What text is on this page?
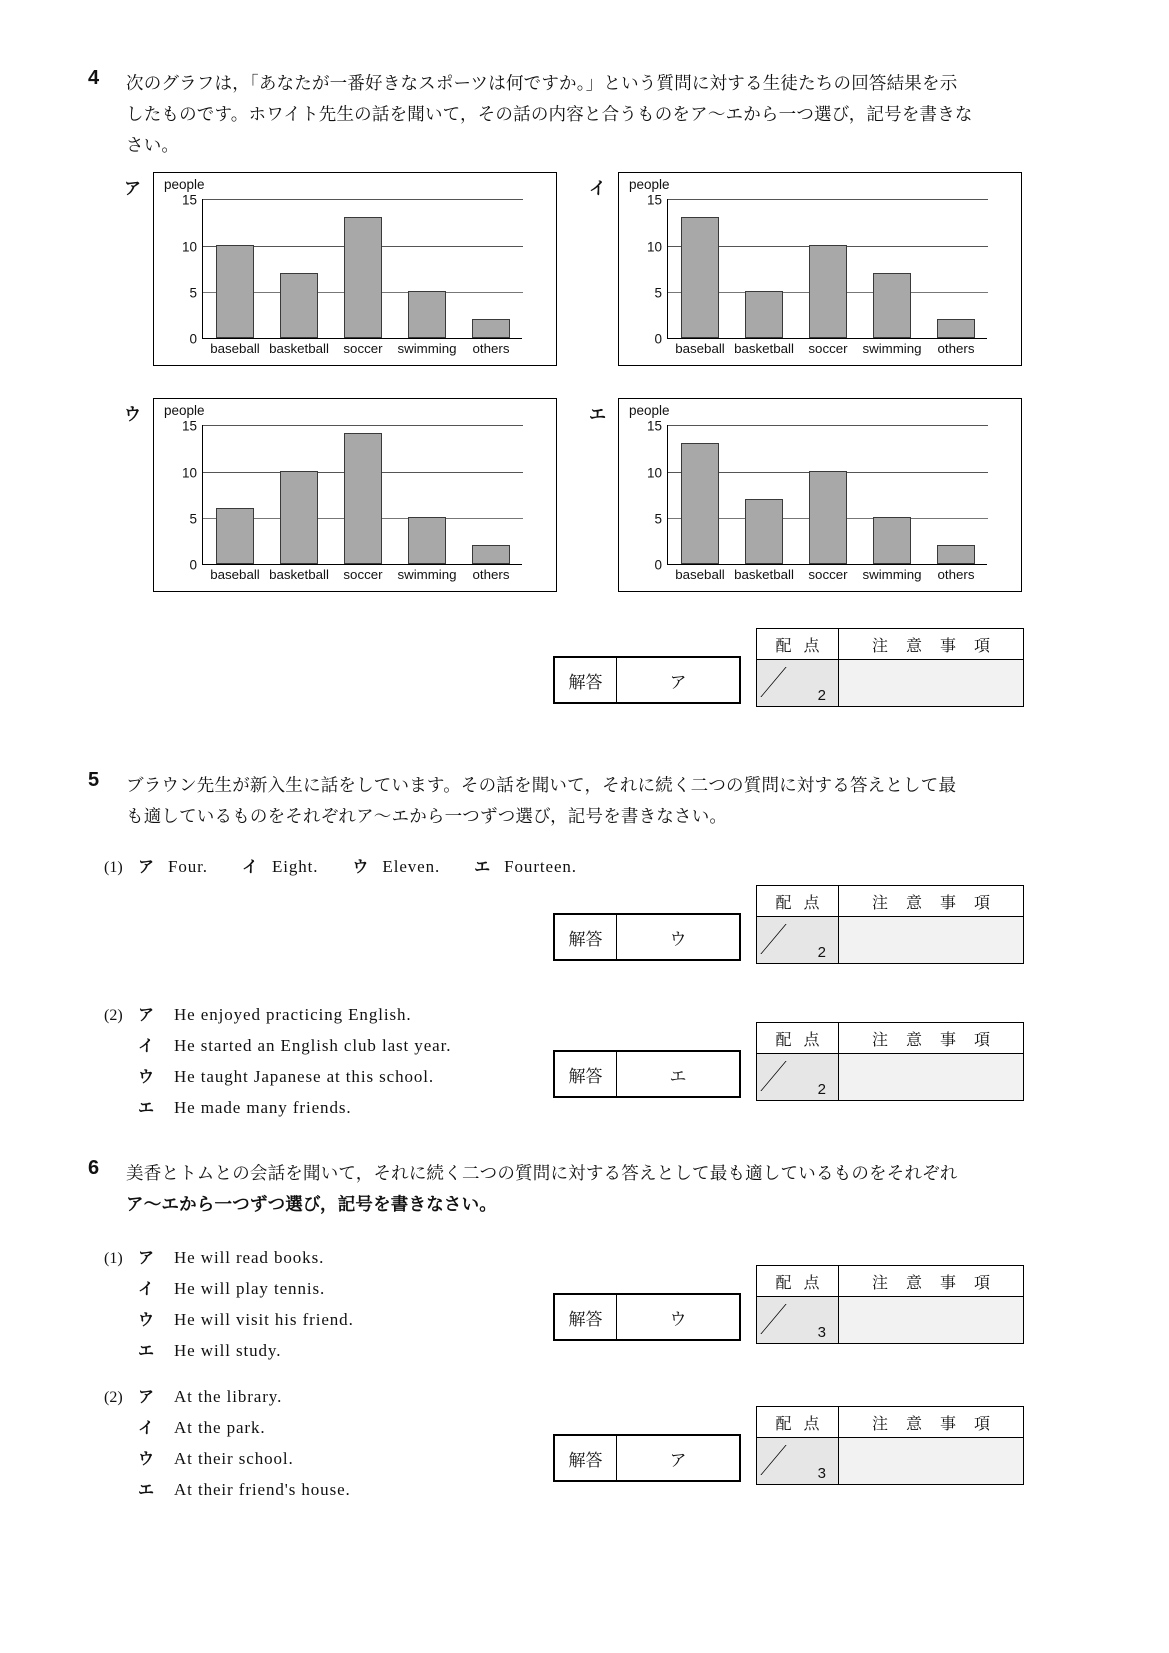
4 次のグラフは，「あなたが一番好きなスポーツは何ですか。」という質問に対する生徒たちの回答結果を示
したものです。ホワイト先生の話を聞いて，その話の内容と合うものをア～エから一つ選び，記号を書きな
さい。
ア people
15
10
5
0
baseball basketball	soccer	swimming	others
イ people
15
10
5
0
baseball basketball	soccer	swimming	others
ウ people
15
10
5
0
baseball basketball	soccer	swimming	others
エ people
15
10
5
0
baseball basketball	soccer	swimming	others
解答	ア
配 点	注 意 事 項
2
5 ブラウン先生が新入生に話をしています。その話を聞いて，それに続く二つの質問に対する答えとして最
も適しているものをそれぞれア～エから一つずつ選び，記号を書きなさい。
(1) ア Four. イ Eight. ウ Eleven. エ Fourteen.
解答	ウ
配 点	注 意 事 項
2
(2) ア	He enjoyed practicing English.
イ	He started an English club last year.
ウ	He taught Japanese at this school.
エ	He made many friends.
解答	エ
配 点	注 意 事 項
2
6 美香とトムとの会話を聞いて，それに続く二つの質問に対する答えとして最も適しているものをそれぞれ
ア～エから一つずつ選び，記号を書きなさい。
(1) ア	He will read books.
イ	He will play tennis.
ウ	He will visit his friend.
エ	He will study.
解答	ウ
配 点	注 意 事 項
3
(2) ア	At the library.
イ	At the park.
ウ	At their school.
エ	At their friend's house.
解答	ア
配 点	注 意 事 項
3
